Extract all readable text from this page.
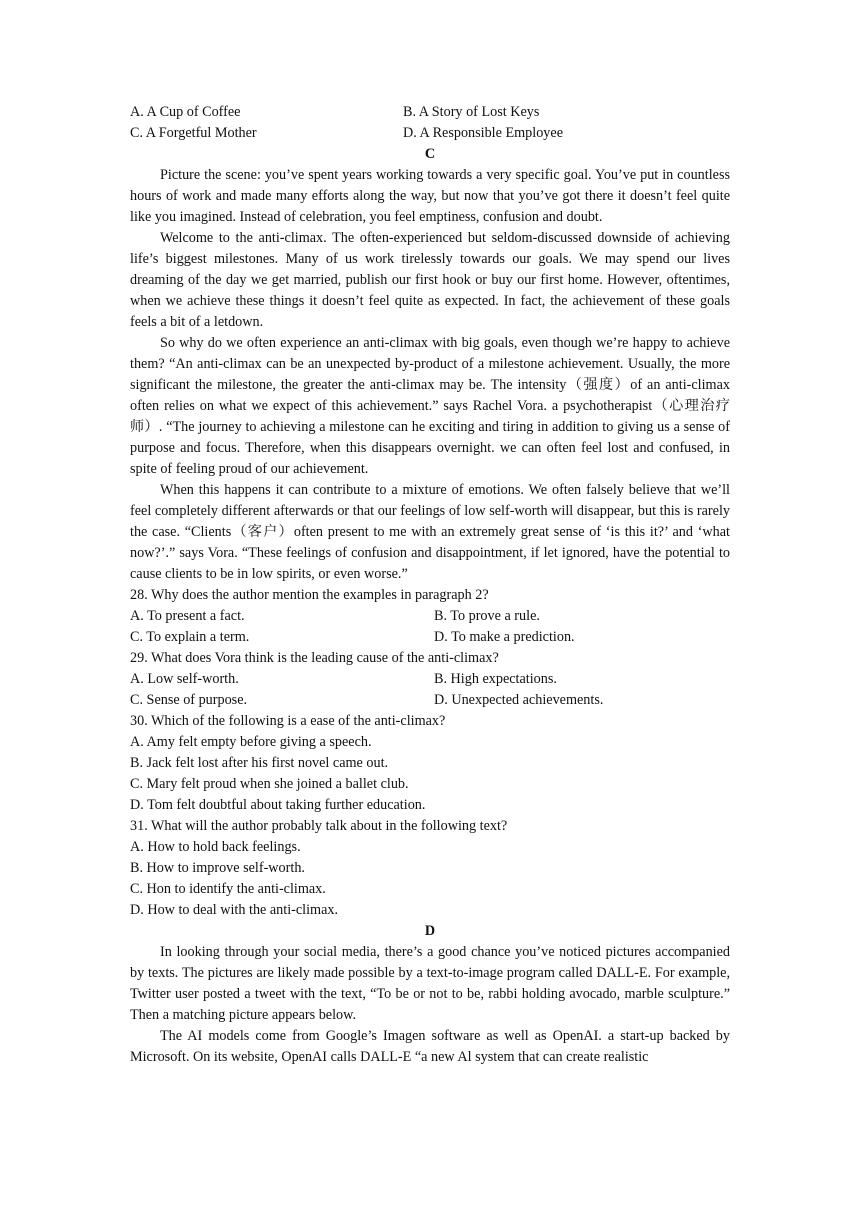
A. A Cup of Coffee	B. A Story of Lost Keys
C. A Forgetful Mother	D. A Responsible Employee
C

Picture the scene: you’ve spent years working towards a very specific goal. You’ve put in countless hours of work and made many efforts along the way, but now that you’ve got there it doesn’t feel quite like you imagined. Instead of celebration, you feel emptiness, confusion and doubt.

Welcome to the anti-climax. The often-experienced but seldom-discussed downside of achieving life’s biggest milestones. Many of us work tirelessly towards our goals. We may spend our lives dreaming of the day we get married, publish our first hook or buy our first home. However, oftentimes, when we achieve these things it doesn’t feel quite as expected. In fact, the achievement of these goals feels a bit of a letdown.

So why do we often experience an anti-climax with big goals, even though we’re happy to achieve them? “An anti-climax can be an unexpected by-product of a milestone achievement. Usually, the more significant the milestone, the greater the anti-climax may be. The intensity（强度）of an anti-climax often relies on what we expect of this achievement.” says Rachel Vora. a psychotherapist（心理治疗师）. “The journey to achieving a milestone can he exciting and tiring in addition to giving us a sense of purpose and focus. Therefore, when this disappears overnight. we can often feel lost and confused, in spite of feeling proud of our achievement.

When this happens it can contribute to a mixture of emotions. We often falsely believe that we’ll feel completely different afterwards or that our feelings of low self-worth will disappear, but this is rarely the case. “Clients（客户）often present to me with an extremely great sense of ‘is this it?’ and ‘what now?’.” says Vora. “These feelings of confusion and disappointment, if let ignored, have the potential to cause clients to be in low spirits, or even worse.”

28. Why does the author mention the examples in paragraph 2?
A. To present a fact.	B. To prove a rule.
C. To explain a term.	D. To make a prediction.
29. What does Vora think is the leading cause of the anti-climax?
A. Low self-worth.	B. High expectations.
C. Sense of purpose.	D. Unexpected achievements.
30. Which of the following is a ease of the anti-climax?
A. Amy felt empty before giving a speech.
B. Jack felt lost after his first novel came out.
C. Mary felt proud when she joined a ballet club.
D. Tom felt doubtful about taking further education.
31. What will the author probably talk about in the following text?
A. How to hold back feelings.
B. How to improve self-worth.
C. Hon to identify the anti-climax.
D. How to deal with the anti-climax.
D

In looking through your social media, there’s a good chance you’ve noticed pictures accompanied by texts. The pictures are likely made possible by a text-to-image program called DALL-E. For example, Twitter user posted a tweet with the text, “To be or not to be, rabbi holding avocado, marble sculpture.” Then a matching picture appears below.

The AI models come from Google’s Imagen software as well as OpenAI. a start-up backed by Microsoft. On its website, OpenAI calls DALL-E “a new Al system that can create realistic
